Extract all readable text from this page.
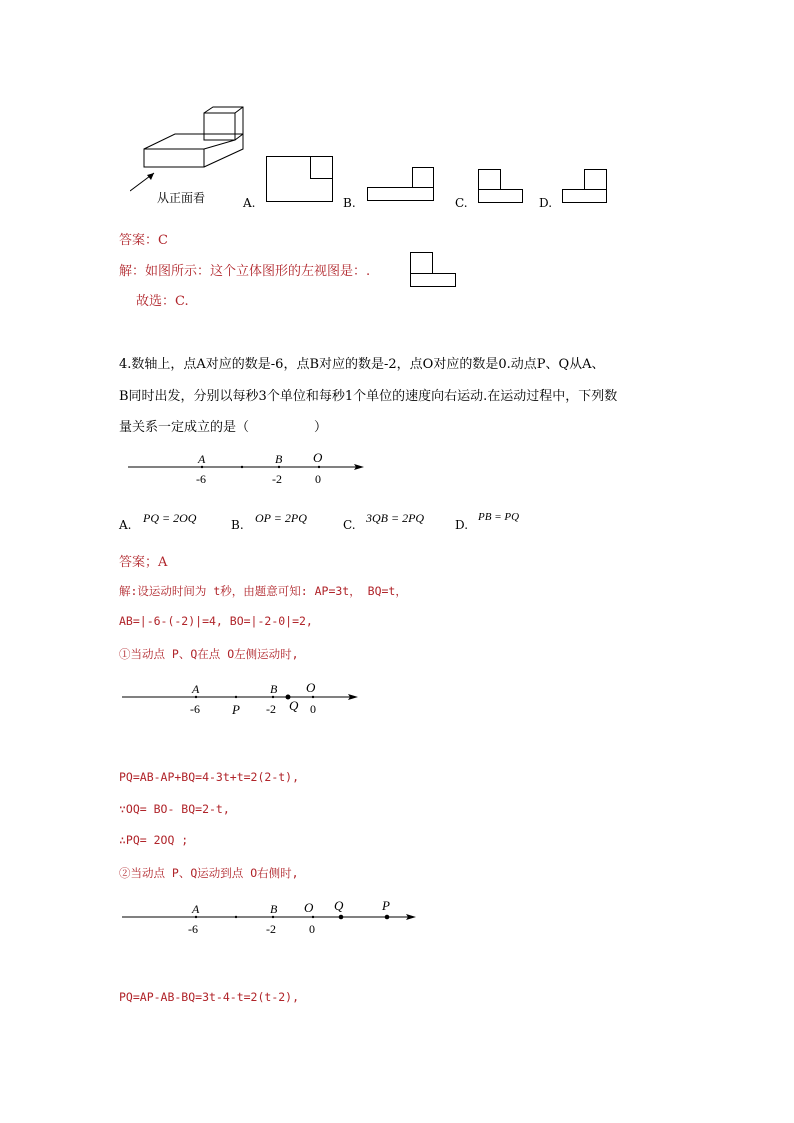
从正面看	A.	B.	C.	D.
答案：C
解：如图所示：这个立体图形的左视图是：.
故选：C.
4.数轴上，点A对应的数是-6，点B对应的数是-2，点O对应的数是0.动点P、Q从A、
B同时出发，分别以每秒3个单位和每秒1个单位的速度向右运动.在运动过程中，下列数
量关系一定成立的是（　　　　　）
A	B O
-6	-2	0
A. PQ = 2OQ	B. OP = 2PQ	C. 3QB = 2PQ	D.
PB = PQ
答案；A
解:设运动时间为 t秒，由题意可知: AP=3t， BQ=t，
AB=|-6-(-2)|=4, BO=|-2-0|=2,
①当动点 P、Q在点 O左侧运动时,
A	B O
P	Q
-6	-2	0
PQ=AB-AP+BQ=4-3t+t=2(2-t),
∵OQ= BO- BQ=2-t,
∴PQ= 2OQ ;
②当动点 P、Q运动到点 O右侧时,
A	B O Q	P
-6	-2	0
PQ=AP-AB-BQ=3t-4-t=2(t-2),
